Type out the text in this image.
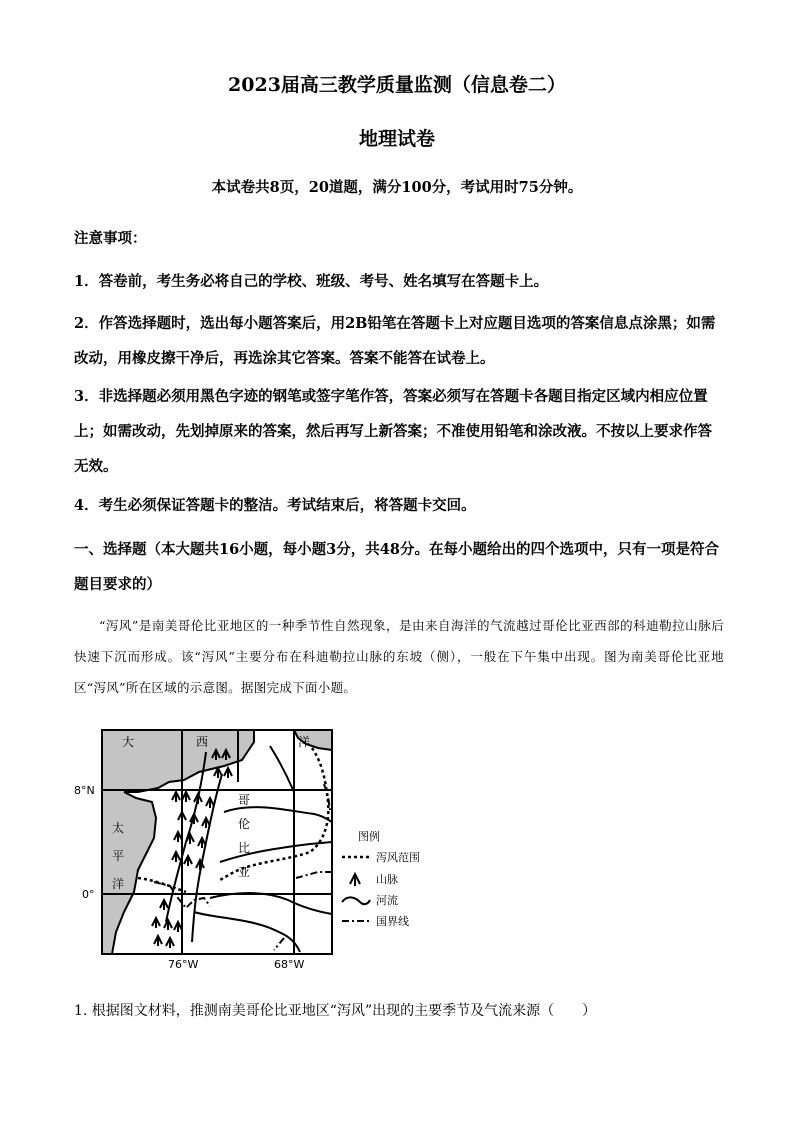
2023届高三教学质量监测（信息卷二）
地理试卷
本试卷共8页，20道题，满分100分，考试用时75分钟。
注意事项：
1．答卷前，考生务必将自己的学校、班级、考号、姓名填写在答题卡上。
2．作答选择题时，选出每小题答案后，用2B铅笔在答题卡上对应题目选项的答案信息点涂黑；如需改动，用橡皮擦干净后，再选涂其它答案。答案不能答在试卷上。
3．非选择题必须用黑色字迹的钢笔或签字笔作答，答案必须写在答题卡各题目指定区域内相应位置上；如需改动，先划掉原来的答案，然后再写上新答案；不准使用铅笔和涂改液。不按以上要求作答无效。
4．考生必须保证答题卡的整洁。考试结束后，将答题卡交回。
一、选择题（本大题共16小题，每小题3分，共48分。在每小题给出的四个选项中，只有一项是符合题目要求的）
“泻风”是南美哥伦比亚地区的一种季节性自然现象，是由来自海洋的气流越过哥伦比亚西部的科迪勒拉山脉后快速下沉而形成。该“泻风”主要分布在科迪勒拉山脉的东坡（侧），一般在下午集中出现。图为南美哥伦比亚地区“泻风”所在区域的示意图。据图完成下面小题。
大	西	洋
太
平
洋
哥
伦
比
亚
8°N
0°
76°W	68°W
图例
泻风范围
山脉
河流
国界线
1. 根据图文材料，推测南美哥伦比亚地区“泻风”出现的主要季节及气流来源（　　）
